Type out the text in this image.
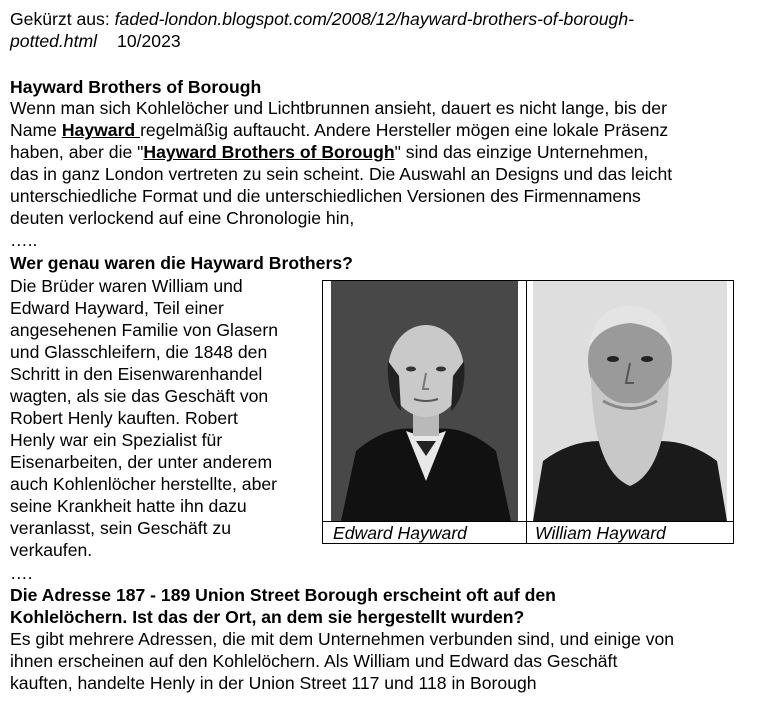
Gekürzt aus: faded-london.blogspot.com/2008/12/hayward-brothers-of-borough-
potted.html 10/2023
Hayward Brothers of Borough
Wenn man sich Kohlelöcher und Lichtbrunnen ansieht, dauert es nicht lange, bis der
Name Hayward regelmäßig auftaucht. Andere Hersteller mögen eine lokale Präsenz
haben, aber die "Hayward Brothers of Borough" sind das einzige Unternehmen,
das in ganz London vertreten zu sein scheint. Die Auswahl an Designs und das leicht
unterschiedliche Format und die unterschiedlichen Versionen des Firmennamens
deuten verlockend auf eine Chronologie hin,
…..
Wer genau waren die Hayward Brothers?
Die Brüder waren William und
Edward Hayward, Teil einer
angesehenen Familie von Glasern
und Glasschleifern, die 1848 den
Schritt in den Eisenwarenhandel
wagten, als sie das Geschäft von
Robert Henly kauften. Robert
Henly war ein Spezialist für
Eisenarbeiten, der unter anderem
auch Kohlenlöcher herstellte, aber
seine Krankheit hatte ihn dazu
veranlasst, sein Geschäft zu
verkaufen.
….
Edward Hayward	William Hayward
Die Adresse 187 - 189 Union Street Borough erscheint oft auf den
Kohlelöchern. Ist das der Ort, an dem sie hergestellt wurden?
Es gibt mehrere Adressen, die mit dem Unternehmen verbunden sind, und einige von
ihnen erscheinen auf den Kohlelöchern. Als William und Edward das Geschäft
kauften, handelte Henly in der Union Street 117 und 118 in Borough
